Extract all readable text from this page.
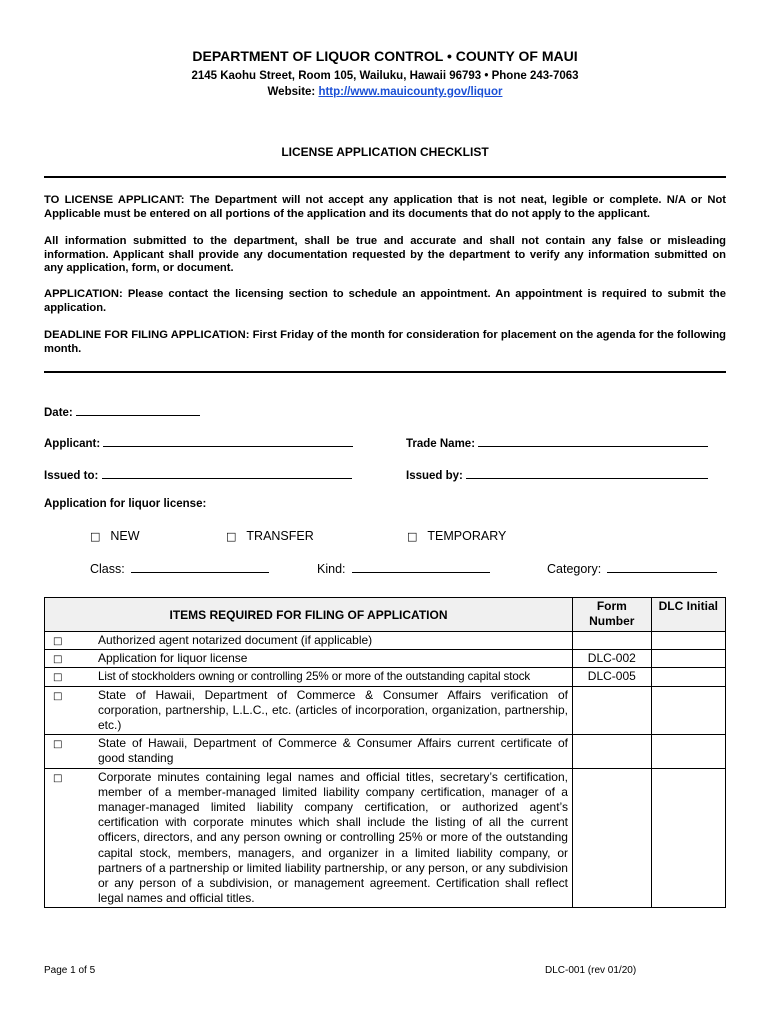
DEPARTMENT OF LIQUOR CONTROL • COUNTY OF MAUI
2145 Kaohu Street, Room 105, Wailuku, Hawaii 96793 • Phone 243-7063
Website: http://www.mauicounty.gov/liquor
LICENSE APPLICATION CHECKLIST
TO LICENSE APPLICANT: The Department will not accept any application that is not neat, legible or complete. N/A or Not Applicable must be entered on all portions of the application and its documents that do not apply to the applicant.
All information submitted to the department, shall be true and accurate and shall not contain any false or misleading information. Applicant shall provide any documentation requested by the department to verify any information submitted on any application, form, or document.
APPLICATION: Please contact the licensing section to schedule an appointment. An appointment is required to submit the application.
DEADLINE FOR FILING APPLICATION: First Friday of the month for consideration for placement on the agenda for the following month.
Date:
Applicant:	Trade Name:
Issued to:	Issued by:
Application for liquor license:
□ NEW	□ TRANSFER	□ TEMPORARY
Class:	Kind:	Category:
ITEMS REQUIRED FOR FILING OF APPLICATION	Form Number	DLC Initial

□ Authorized agent notarized document (if applicable)		

□ Application for liquor license	DLC-002	

□ List of stockholders owning or controlling 25% or more of the outstanding capital stock	DLC-005	

□ State of Hawaii, Department of Commerce & Consumer Affairs verification of corporation, partnership, L.L.C., etc. (articles of incorporation, organization, partnership, etc.)		

□ State of Hawaii, Department of Commerce & Consumer Affairs current certificate of good standing		

□ Corporate minutes containing legal names and official titles, secretary’s certification, member of a member-managed limited liability company certification, manager of a manager-managed limited liability company certification, or authorized agent’s certification with corporate minutes which shall include the listing of all the current officers, directors, and any person owning or controlling 25% or more of the outstanding capital stock, members, managers, and organizer in a limited liability company, or partners of a partnership or limited liability partnership, or any person, or any subdivision or any person of a subdivision, or management agreement. Certification shall reflect legal names and official titles.		
Page 1 of 5	DLC-001 (rev 01/20)
